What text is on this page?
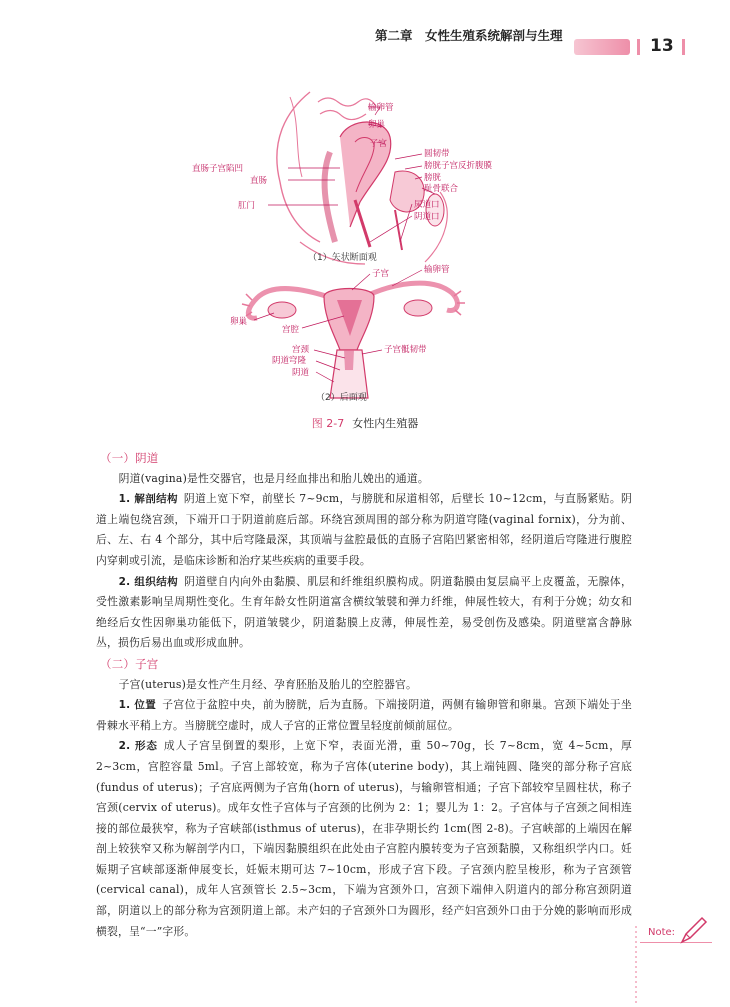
第二章　女性生殖系统解剖与生理
13
输卵管
卵巢
子宫
圆韧带
膀胱子宫反折腹膜
膀胱
耻骨联合
尿道口
阴道口
直肠子宫陷凹
直肠
肛门
（1）矢状断面观
子宫	输卵管
卵巢
宫腔
宫颈
阴道穹隆
阴道
子宫骶韧带
（2）后面观
图 2-7 女性内生殖器
（一）阴道

阴道(vagina)是性交器官，也是月经血排出和胎儿娩出的通道。

1. 解剖结构 阴道上宽下窄，前壁长 7~9cm，与膀胱和尿道相邻，后壁长 10~12cm，与直肠紧贴。阴道上端包绕宫颈，下端开口于阴道前庭后部。环绕宫颈周围的部分称为阴道穹隆(vaginal fornix)，分为前、后、左、右 4 个部分，其中后穹隆最深，其顶端与盆腔最低的直肠子宫陷凹紧密相邻，经阴道后穹隆进行腹腔内穿刺或引流，是临床诊断和治疗某些疾病的重要手段。

2. 组织结构 阴道壁自内向外由黏膜、肌层和纤维组织膜构成。阴道黏膜由复层扁平上皮覆盖，无腺体，受性激素影响呈周期性变化。生育年龄女性阴道富含横纹皱襞和弹力纤维，伸展性较大，有利于分娩；幼女和绝经后女性因卵巢功能低下，阴道皱襞少，阴道黏膜上皮薄，伸展性差，易受创伤及感染。阴道壁富含静脉丛，损伤后易出血或形成血肿。

（二）子宫

子宫(uterus)是女性产生月经、孕育胚胎及胎儿的空腔器官。

1. 位置 子宫位于盆腔中央，前为膀胱，后为直肠。下端接阴道，两侧有输卵管和卵巢。宫颈下端处于坐骨棘水平稍上方。当膀胱空虚时，成人子宫的正常位置呈轻度前倾前屈位。

2. 形态 成人子宫呈倒置的梨形，上宽下窄，表面光滑，重 50~70g，长 7~8cm，宽 4~5cm，厚 2~3cm，宫腔容量 5ml。子宫上部较宽，称为子宫体(uterine body)，其上端钝圆、隆突的部分称子宫底(fundus of uterus)；子宫底两侧为子宫角(horn of uterus)，与输卵管相通；子宫下部较窄呈圆柱状，称子宫颈(cervix of uterus)。成年女性子宫体与子宫颈的比例为 2：1；婴儿为 1：2。子宫体与子宫颈之间相连接的部位最狭窄，称为子宫峡部(isthmus of uterus)，在非孕期长约 1cm(图 2-8)。子宫峡部的上端因在解剖上较狭窄又称为解剖学内口，下端因黏膜组织在此处由子宫腔内膜转变为子宫颈黏膜，又称组织学内口。妊娠期子宫峡部逐渐伸展变长，妊娠末期可达 7~10cm，形成子宫下段。子宫颈内腔呈梭形，称为子宫颈管(cervical canal)，成年人宫颈管长 2.5~3cm，下端为宫颈外口，宫颈下端伸入阴道内的部分称宫颈阴道部，阴道以上的部分称为宫颈阴道上部。未产妇的子宫颈外口为圆形，经产妇宫颈外口由于分娩的影响而形成横裂，呈“一”字形。	Note:
